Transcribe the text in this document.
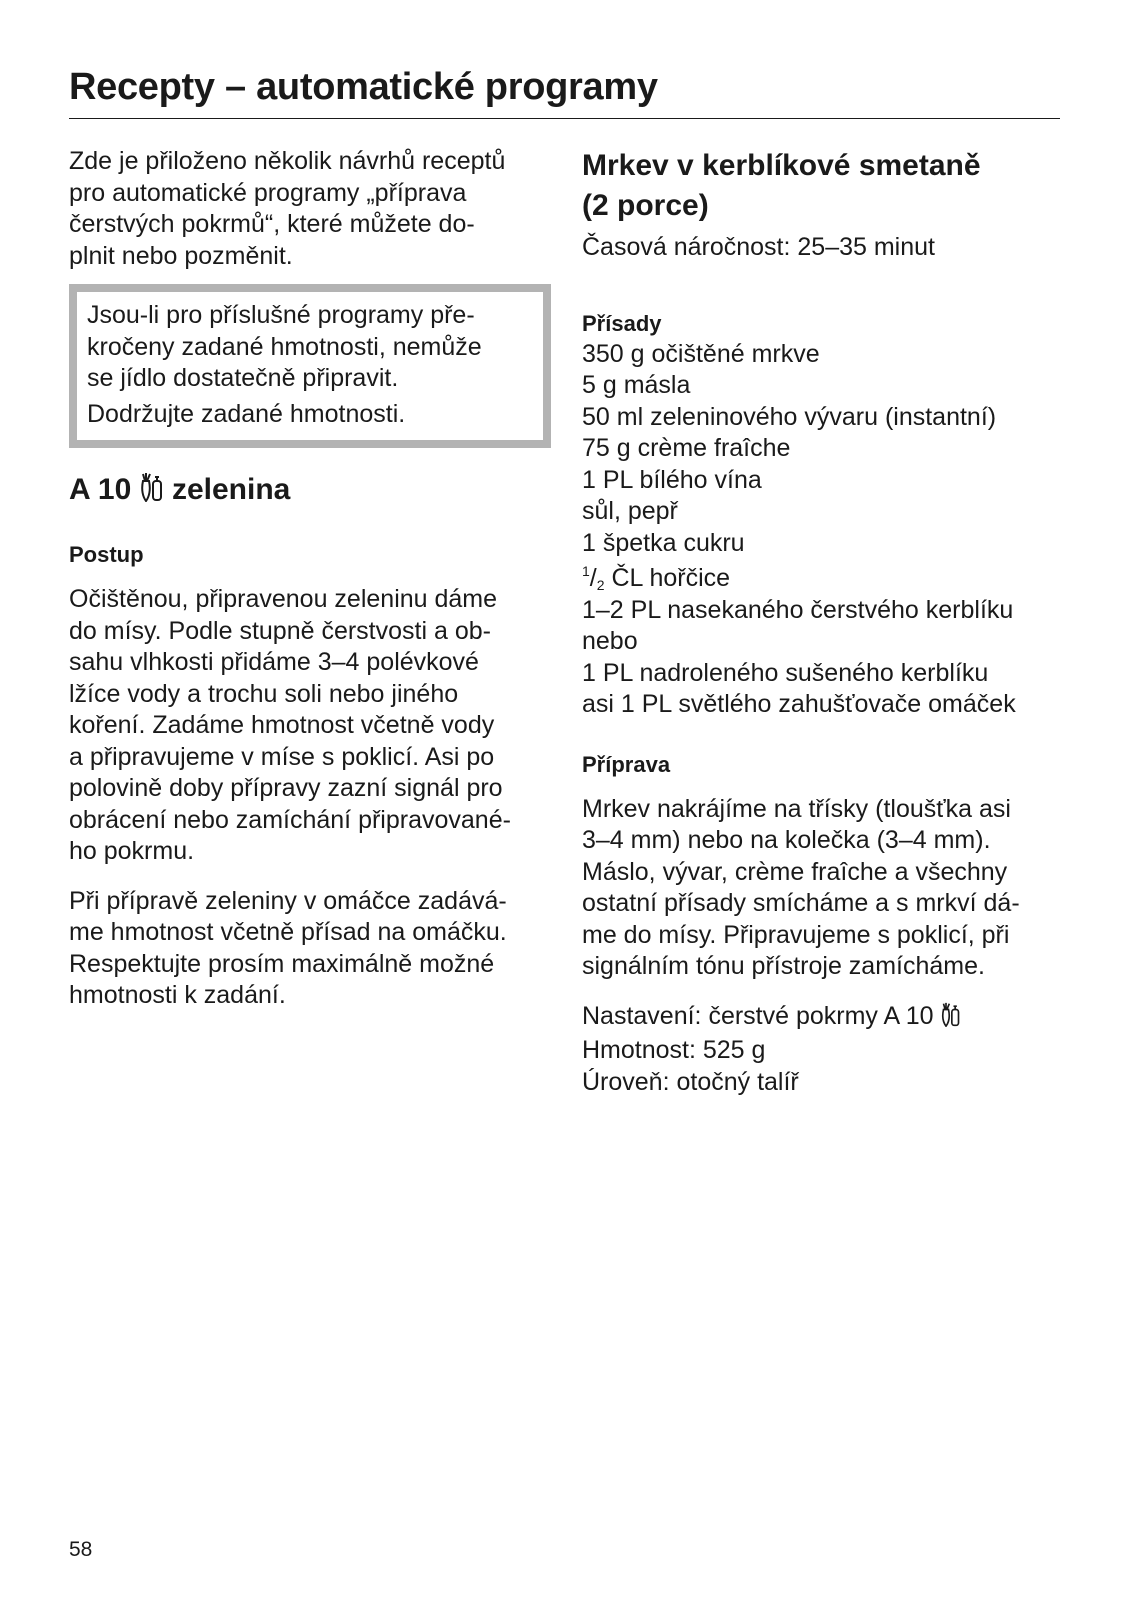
Recepty – automatické programy

Zde je přiloženo několik návrhů receptů
pro automatické programy „příprava
čerstvých pokrmů“, které můžete do-
plnit nebo pozměnit.

Jsou-li pro příslušné programy pře-
kročeny zadané hmotnosti, nemůže
se jídlo dostatečně připravit.
Dodržujte zadané hmotnosti.
A 10 zelenina
Postup

Očištěnou, připravenou zeleninu dáme
do mísy. Podle stupně čerstvosti a ob-
sahu vlhkosti přidáme 3–4 polévkové
lžíce vody a trochu soli nebo jiného
koření. Zadáme hmotnost včetně vody
a připravujeme v míse s poklicí. Asi po
polovině doby přípravy zazní signál pro
obrácení nebo zamíchání připravované-
ho pokrmu.

Při přípravě zeleniny v omáčce zadává-
me hmotnost včetně přísad na omáčku.
Respektujte prosím maximálně možné
hmotnosti k zadání.

Mrkev v kerblíkové smetaně
(2 porce)

Časová náročnost: 25–35 minut

Přísady
350 g očištěné mrkve
5 g másla
50 ml zeleninového vývaru (instantní)
75 g crème fraîche
1 PL bílého vína
sůl, pepř
1 špetka cukru
$^1/_2$ ČL hořčice
1–2 PL nasekaného čerstvého kerblíku
nebo
1 PL nadroleného sušeného kerblíku
asi 1 PL světlého zahušťovače omáček
Příprava

Mrkev nakrájíme na třísky (tloušťka asi
3–4 mm) nebo na kolečka (3–4 mm).
Máslo, vývar, crème fraîche a všechny
ostatní přísady smícháme a s mrkví dá-
me do mísy. Připravujeme s poklicí, při
signálním tónu přístroje zamícháme.

Nastavení: čerstvé pokrmy A 10
Hmotnost: 525 g
Úroveň: otočný talíř

58
